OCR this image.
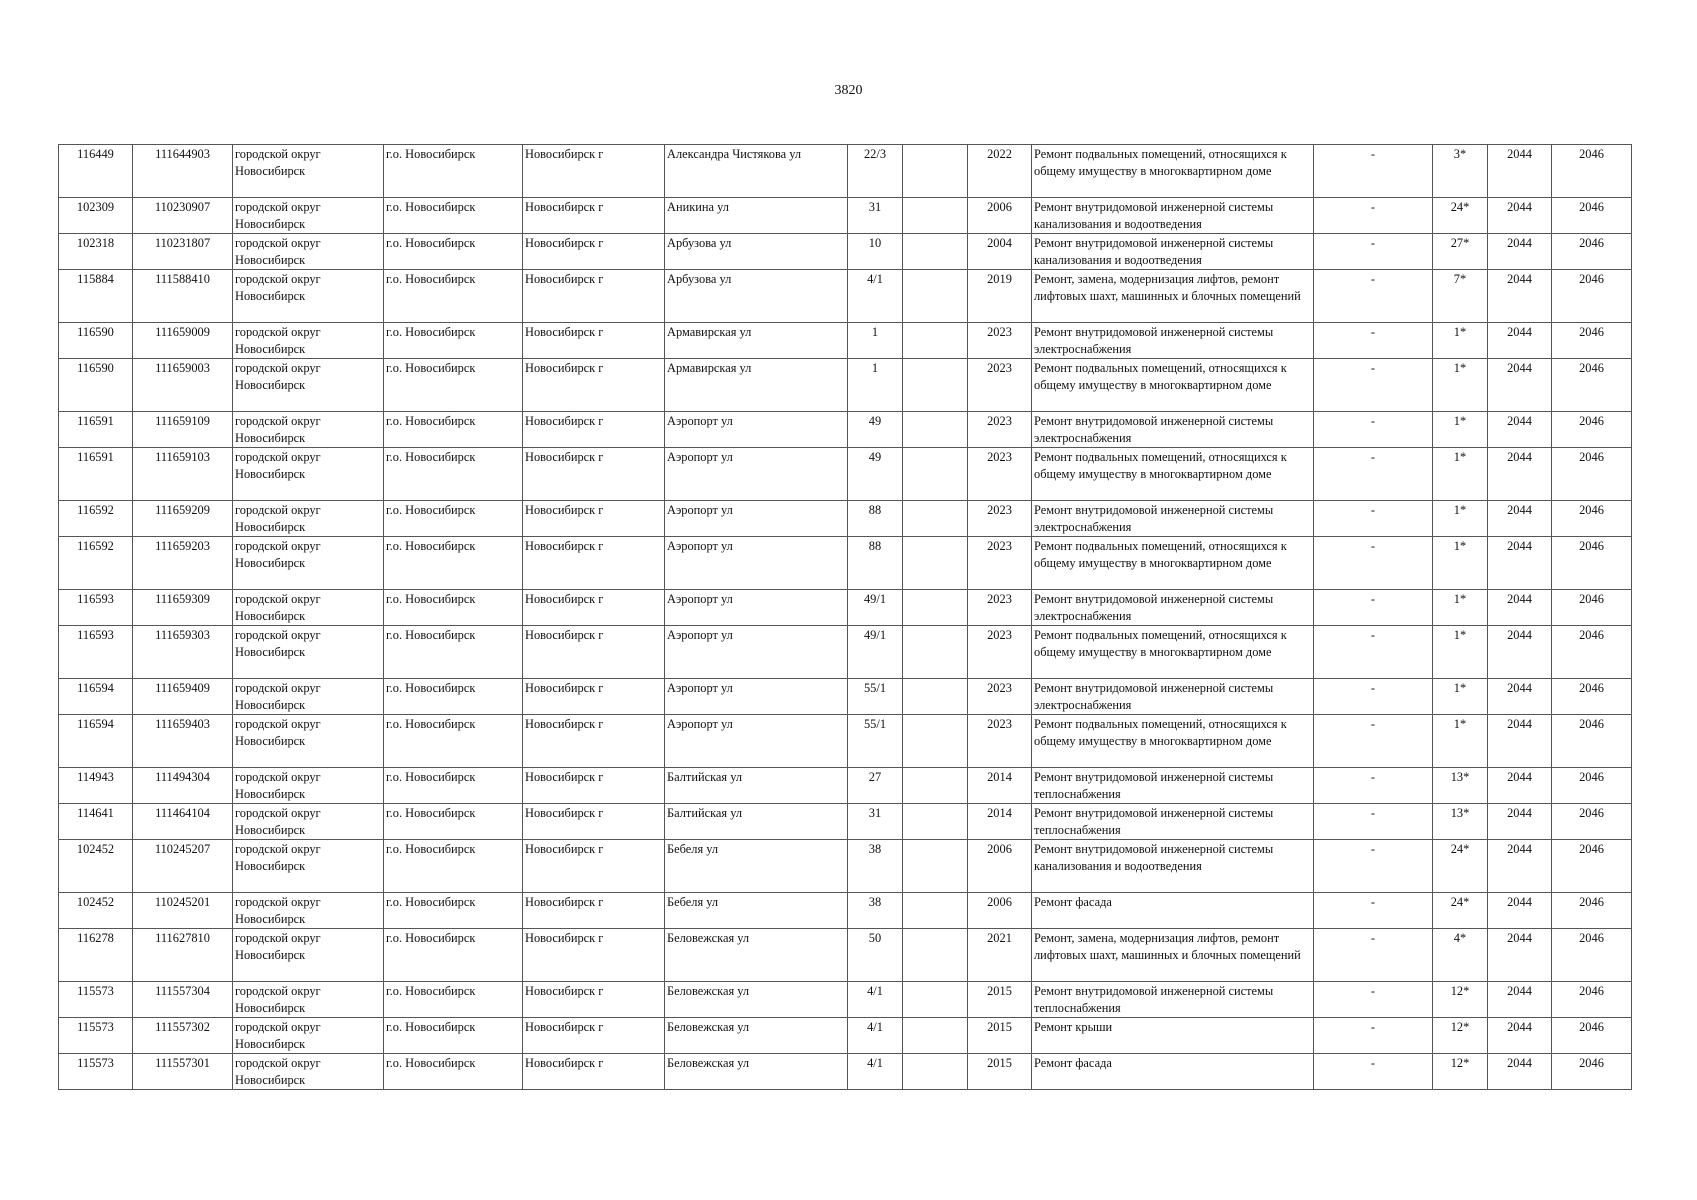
3820
116449	111644903	городской округ Новосибирск	г.о. Новосибирск	Новосибирск г	Александра Чистякова ул	22/3		2022	Ремонт подвальных помещений, относящихся к общему имуществу в многоквартирном доме	-	3*	2044	2046
102309	110230907	городской округ Новосибирск	г.о. Новосибирск	Новосибирск г	Аникина ул	31		2006	Ремонт внутридомовой инженерной системы канализования и водоотведения	-	24*	2044	2046
102318	110231807	городской округ Новосибирск	г.о. Новосибирск	Новосибирск г	Арбузова ул	10		2004	Ремонт внутридомовой инженерной системы канализования и водоотведения	-	27*	2044	2046
115884	111588410	городской округ Новосибирск	г.о. Новосибирск	Новосибирск г	Арбузова ул	4/1		2019	Ремонт, замена, модернизация лифтов, ремонт лифтовых шахт, машинных и блочных помещений	-	7*	2044	2046
116590	111659009	городской округ Новосибирск	г.о. Новосибирск	Новосибирск г	Армавирская ул	1		2023	Ремонт внутридомовой инженерной системы электроснабжения	-	1*	2044	2046
116590	111659003	городской округ Новосибирск	г.о. Новосибирск	Новосибирск г	Армавирская ул	1		2023	Ремонт подвальных помещений, относящихся к общему имуществу в многоквартирном доме	-	1*	2044	2046
116591	111659109	городской округ Новосибирск	г.о. Новосибирск	Новосибирск г	Аэропорт ул	49		2023	Ремонт внутридомовой инженерной системы электроснабжения	-	1*	2044	2046
116591	111659103	городской округ Новосибирск	г.о. Новосибирск	Новосибирск г	Аэропорт ул	49		2023	Ремонт подвальных помещений, относящихся к общему имуществу в многоквартирном доме	-	1*	2044	2046
116592	111659209	городской округ Новосибирск	г.о. Новосибирск	Новосибирск г	Аэропорт ул	88		2023	Ремонт внутридомовой инженерной системы электроснабжения	-	1*	2044	2046
116592	111659203	городской округ Новосибирск	г.о. Новосибирск	Новосибирск г	Аэропорт ул	88		2023	Ремонт подвальных помещений, относящихся к общему имуществу в многоквартирном доме	-	1*	2044	2046
116593	111659309	городской округ Новосибирск	г.о. Новосибирск	Новосибирск г	Аэропорт ул	49/1		2023	Ремонт внутридомовой инженерной системы электроснабжения	-	1*	2044	2046
116593	111659303	городской округ Новосибирск	г.о. Новосибирск	Новосибирск г	Аэропорт ул	49/1		2023	Ремонт подвальных помещений, относящихся к общему имуществу в многоквартирном доме	-	1*	2044	2046
116594	111659409	городской округ Новосибирск	г.о. Новосибирск	Новосибирск г	Аэропорт ул	55/1		2023	Ремонт внутридомовой инженерной системы электроснабжения	-	1*	2044	2046
116594	111659403	городской округ Новосибирск	г.о. Новосибирск	Новосибирск г	Аэропорт ул	55/1		2023	Ремонт подвальных помещений, относящихся к общему имуществу в многоквартирном доме	-	1*	2044	2046
114943	111494304	городской округ Новосибирск	г.о. Новосибирск	Новосибирск г	Балтийская ул	27		2014	Ремонт внутридомовой инженерной системы теплоснабжения	-	13*	2044	2046
114641	111464104	городской округ Новосибирск	г.о. Новосибирск	Новосибирск г	Балтийская ул	31		2014	Ремонт внутридомовой инженерной системы теплоснабжения	-	13*	2044	2046
102452	110245207	городской округ Новосибирск	г.о. Новосибирск	Новосибирск г	Бебеля ул	38		2006	Ремонт внутридомовой инженерной системы канализования и водоотведения	-	24*	2044	2046
102452	110245201	городской округ Новосибирск	г.о. Новосибирск	Новосибирск г	Бебеля ул	38		2006	Ремонт фасада	-	24*	2044	2046
116278	111627810	городской округ Новосибирск	г.о. Новосибирск	Новосибирск г	Беловежская ул	50		2021	Ремонт, замена, модернизация лифтов, ремонт лифтовых шахт, машинных и блочных помещений	-	4*	2044	2046
115573	111557304	городской округ Новосибирск	г.о. Новосибирск	Новосибирск г	Беловежская ул	4/1		2015	Ремонт внутридомовой инженерной системы теплоснабжения	-	12*	2044	2046
115573	111557302	городской округ Новосибирск	г.о. Новосибирск	Новосибирск г	Беловежская ул	4/1		2015	Ремонт крыши	-	12*	2044	2046
115573	111557301	городской округ Новосибирск	г.о. Новосибирск	Новосибирск г	Беловежская ул	4/1		2015	Ремонт фасада	-	12*	2044	2046
